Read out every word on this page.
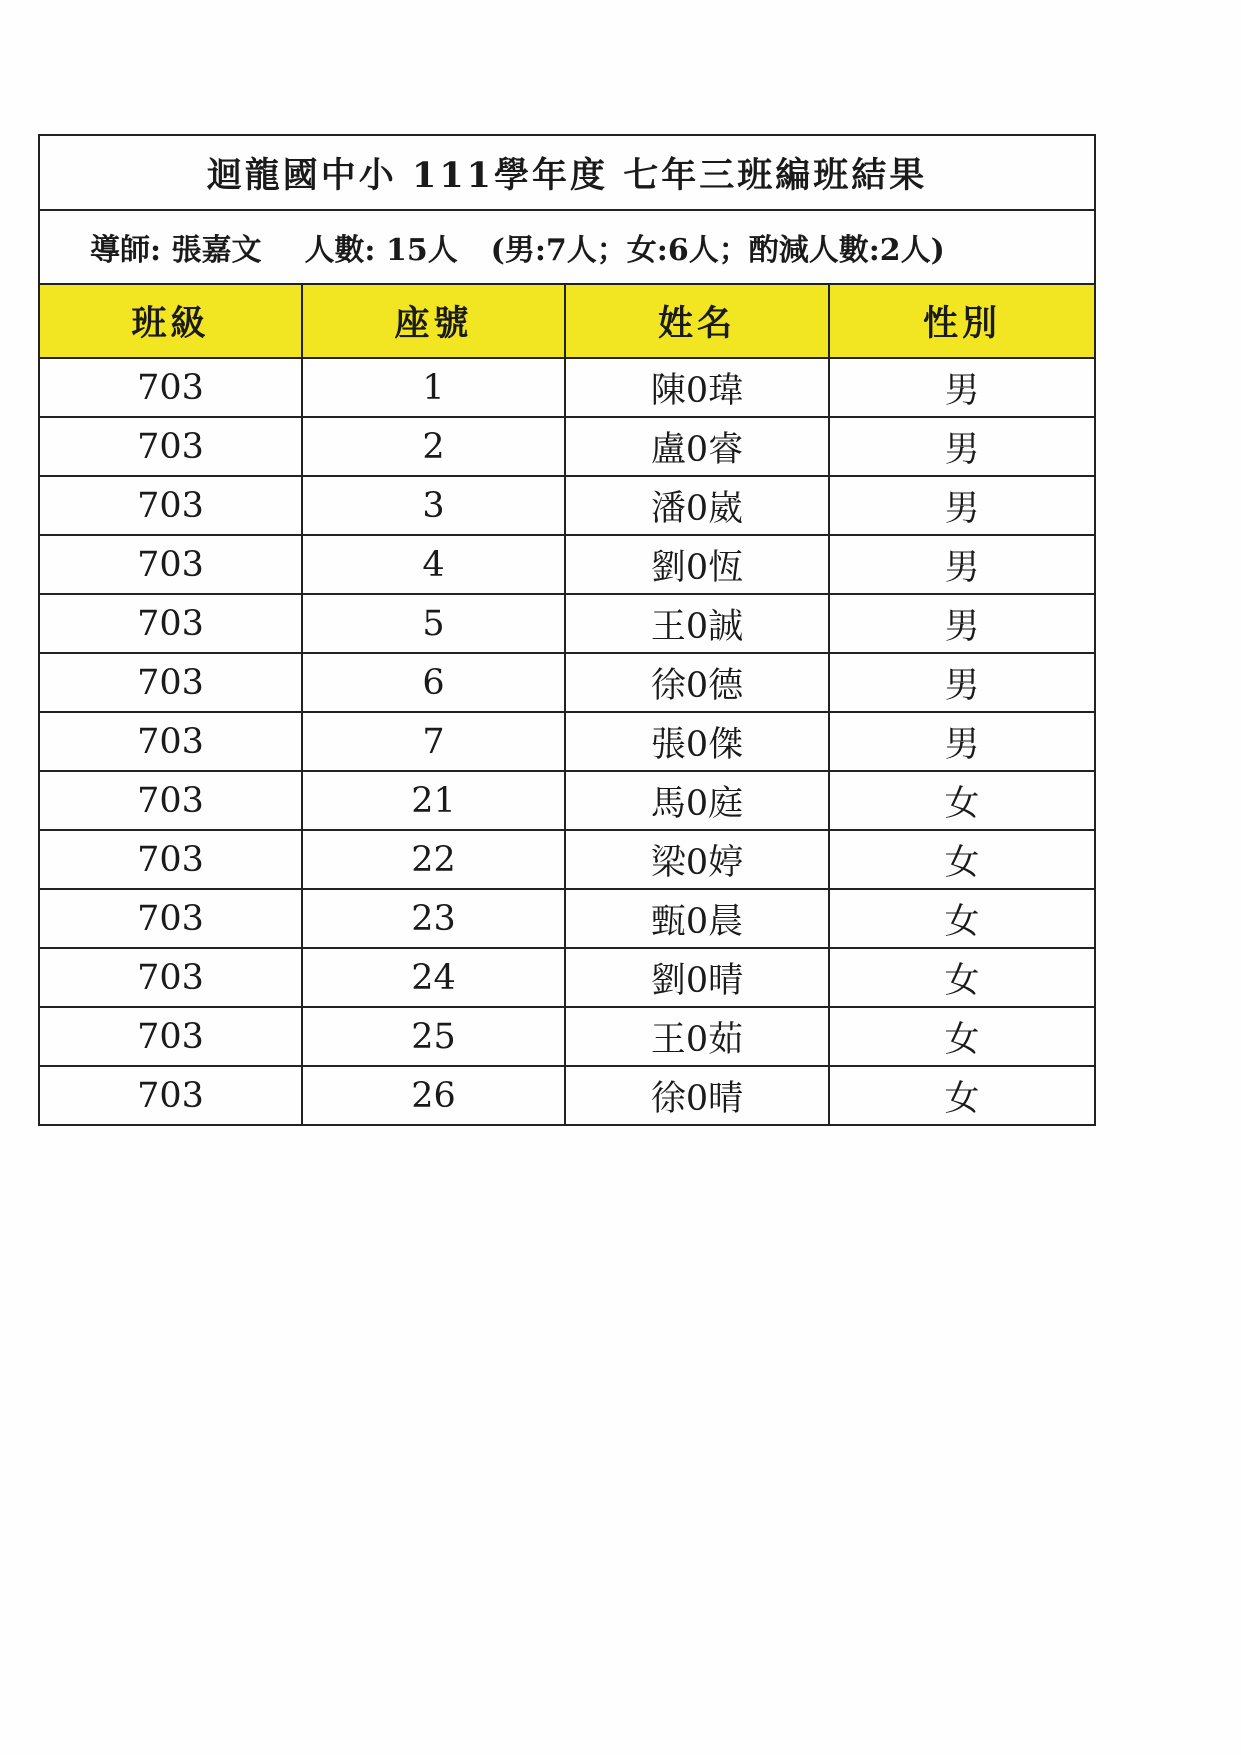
迴龍國中小 111學年度 七年三班編班結果			
導師: 張嘉文 人數: 15人 (男:7人；女:6人；酌減人數:2人)			
班級	座號	姓名	性別
703	1	陳0瑋	男
703	2	盧0睿	男
703	3	潘0崴	男
703	4	劉0恆	男
703	5	王0誠	男
703	6	徐0德	男
703	7	張0傑	男
703	21	馬0庭	女
703	22	梁0婷	女
703	23	甄0晨	女
703	24	劉0晴	女
703	25	王0茹	女
703	26	徐0晴	女
